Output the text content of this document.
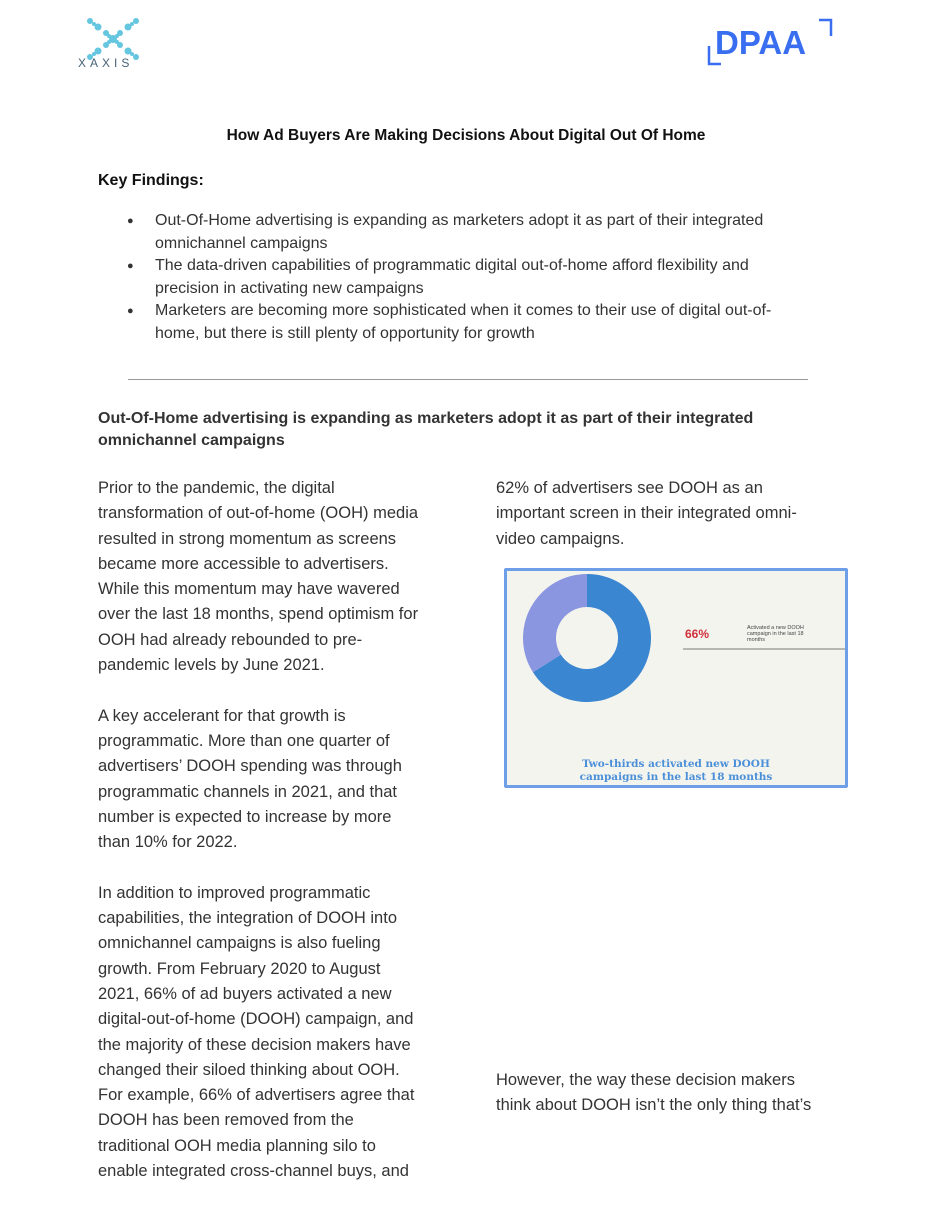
XAXIS
DPAA
How Ad Buyers Are Making Decisions About Digital Out Of Home
Key Findings:
● Out-Of-Home advertising is expanding as marketers adopt it as part of their integrated
omnichannel campaigns
● The data-driven capabilities of programmatic digital out-of-home afford flexibility and
precision in activating new campaigns
● Marketers are becoming more sophisticated when it comes to their use of digital out-of-
home, but there is still plenty of opportunity for growth
Out-Of-Home advertising is expanding as marketers adopt it as part of their integrated
omnichannel campaigns
Prior to the pandemic, the digital
transformation of out-of-home (OOH) media
resulted in strong momentum as screens
became more accessible to advertisers.
While this momentum may have wavered
over the last 18 months, spend optimism for
OOH had already rebounded to pre-
pandemic levels by June 2021.
A key accelerant for that growth is
programmatic. More than one quarter of
advertisers’ DOOH spending was through
programmatic channels in 2021, and that
number is expected to increase by more
than 10% for 2022.
In addition to improved programmatic
capabilities, the integration of DOOH into
omnichannel campaigns is also fueling
growth. From February 2020 to August
2021, 66% of ad buyers activated a new
digital-out-of-home (DOOH) campaign, and
the majority of these decision makers have
changed their siloed thinking about OOH.
For example, 66% of advertisers agree that
DOOH has been removed from the
traditional OOH media planning silo to
enable integrated cross-channel buys, and
62% of advertisers see DOOH as an
important screen in their integrated omni-
video campaigns.
However, the way these decision makers
think about DOOH isn’t the only thing that’s
66%	Activated a new DOOH campaign in the last 18 months
Two-thirds activated new DOOH
campaigns in the last 18 months
